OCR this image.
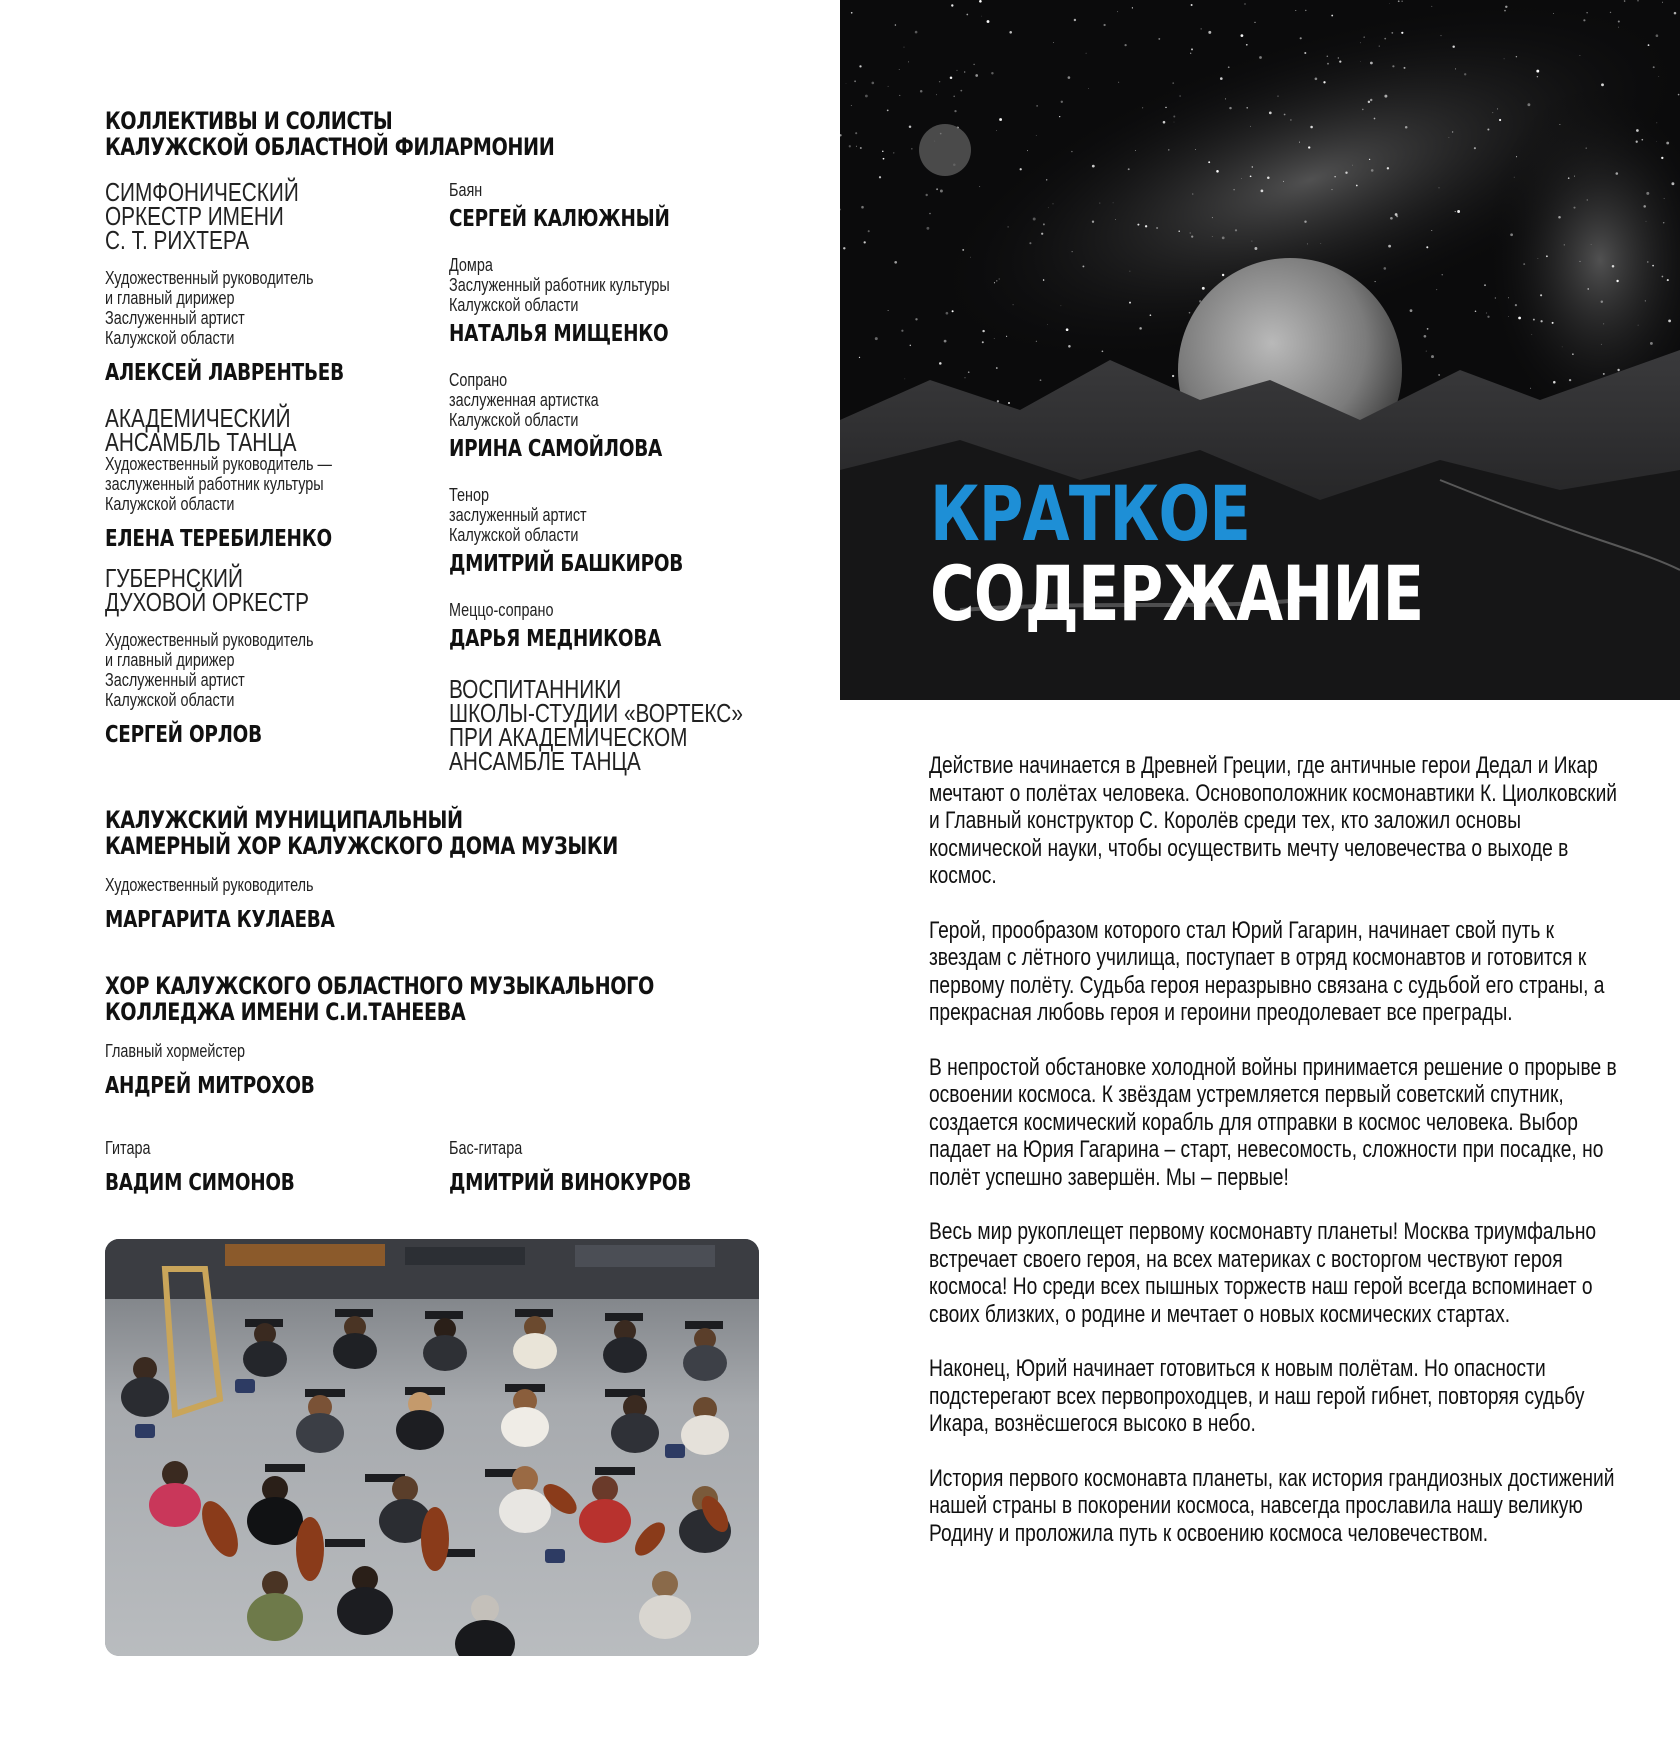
КОЛЛЕКТИВЫ И СОЛИСТЫ
КАЛУЖСКОЙ ОБЛАСТНОЙ ФИЛАРМОНИИ
СИМФОНИЧЕСКИЙ
ОРКЕСТР ИМЕНИ
С. Т. РИХТЕРА
Художественный руководитель
и главный дирижер
Заслуженный артист
Калужской области
АЛЕКСЕЙ ЛАВРЕНТЬЕВ
АКАДЕМИЧЕСКИЙ
АНСАМБЛЬ ТАНЦА
Художественный руководитель —
заслуженный работник культуры
Калужской области
ЕЛЕНА ТЕРЕБИЛЕНКО
ГУБЕРНСКИЙ
ДУХОВОЙ ОРКЕСТР
Художественный руководитель
и главный дирижер
Заслуженный артист
Калужской области
СЕРГЕЙ ОРЛОВ
Баян
СЕРГЕЙ КАЛЮЖНЫЙ
Домра
Заслуженный работник культуры
Калужской области
НАТАЛЬЯ МИЩЕНКО
Сопрано
заслуженная артистка
Калужской области
ИРИНА САМОЙЛОВА
Тенор
заслуженный артист
Калужской области
ДМИТРИЙ БАШКИРОВ
Меццо-сопрано
ДАРЬЯ МЕДНИКОВА
ВОСПИТАННИКИ
ШКОЛЫ-СТУДИИ «ВОРТЕКС»
ПРИ АКАДЕМИЧЕСКОМ
АНСАМБЛЕ ТАНЦА
КАЛУЖСКИЙ МУНИЦИПАЛЬНЫЙ
КАМЕРНЫЙ ХОР КАЛУЖСКОГО ДОМА МУЗЫКИ
Художественный руководитель
МАРГАРИТА КУЛАЕВА
ХОР КАЛУЖСКОГО ОБЛАСТНОГО МУЗЫКАЛЬНОГО
КОЛЛЕДЖА ИМЕНИ С.И.ТАНЕЕВА
Главный хормейстер
АНДРЕЙ МИТРОХОВ
Гитара
ВАДИМ СИМОНОВ
Бас-гитара
ДМИТРИЙ ВИНОКУРОВ
КРАТКОЕ
СОДЕРЖАНИЕ

Действие начинается в Древней Греции, где античные герои Дедал и Икар мечтают о полётах человека. Основоположник космонавтики К. Циолковский и Главный конструктор С. Королёв среди тех, кто заложил основы космической науки, чтобы осуществить мечту человечества о выходе в космос.

Герой, прообразом которого стал Юрий Гагарин, начинает свой путь к звездам с лётного училища, поступает в отряд космонавтов и готовится к первому полёту. Судьба героя неразрывно связана с судьбой его страны, а прекрасная любовь героя и героини преодолевает все преграды.

В непростой обстановке холодной войны принимается решение о прорыве в освоении космоса. К звёздам устремляется первый советский спутник, создается космический корабль для отправки в космос человека. Выбор падает на Юрия Гагарина – старт, невесомость, сложности при посадке, но полёт успешно завершён. Мы – первые!

Весь мир рукоплещет первому космонавту планеты! Москва триумфально встречает своего героя, на всех материках с восторгом чествуют героя космоса! Но среди всех пышных торжеств наш герой всегда вспоминает о своих близких, о родине и мечтает о новых космических стартах.

Наконец, Юрий начинает готовиться к новым полётам. Но опасности подстерегают всех первопроходцев, и наш герой гибнет, повторяя судьбу Икара, вознёсшегося высоко в небо.

История первого космонавта планеты, как история грандиозных достижений нашей страны в покорении космоса, навсегда прославила нашу великую Родину и проложила путь к освоению космоса человечеством.
